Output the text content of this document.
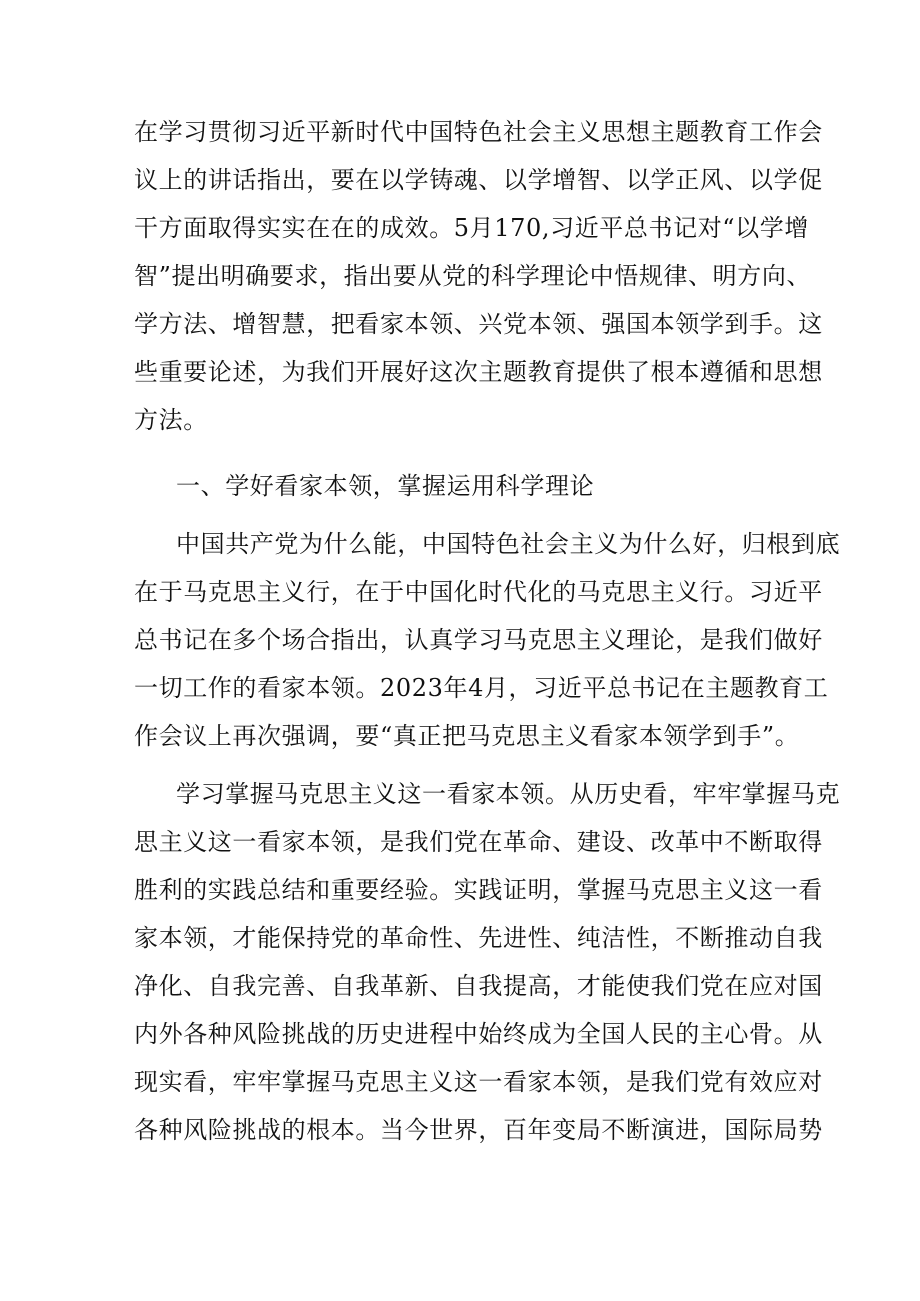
在学习贯彻习近平新时代中国特色社会主义思想主题教育工作会
议上的讲话指出，要在以学铸魂、以学增智、以学正风、以学促
干方面取得实实在在的成效。5月170,习近平总书记对“以学增
智”提出明确要求，指出要从党的科学理论中悟规律、明方向、
学方法、增智慧，把看家本领、兴党本领、强国本领学到手。这
些重要论述，为我们开展好这次主题教育提供了根本遵循和思想
方法。
一、学好看家本领，掌握运用科学理论
中国共产党为什么能，中国特色社会主义为什么好，归根到底
在于马克思主义行，在于中国化时代化的马克思主义行。习近平
总书记在多个场合指出，认真学习马克思主义理论，是我们做好
一切工作的看家本领。2023年4月，习近平总书记在主题教育工
作会议上再次强调，要“真正把马克思主义看家本领学到手”。
学习掌握马克思主义这一看家本领。从历史看，牢牢掌握马克
思主义这一看家本领，是我们党在革命、建设、改革中不断取得
胜利的实践总结和重要经验。实践证明，掌握马克思主义这一看
家本领，才能保持党的革命性、先进性、纯洁性，不断推动自我
净化、自我完善、自我革新、自我提高，才能使我们党在应对国
内外各种风险挑战的历史进程中始终成为全国人民的主心骨。从
现实看，牢牢掌握马克思主义这一看家本领，是我们党有效应对
各种风险挑战的根本。当今世界，百年变局不断演进，国际局势
